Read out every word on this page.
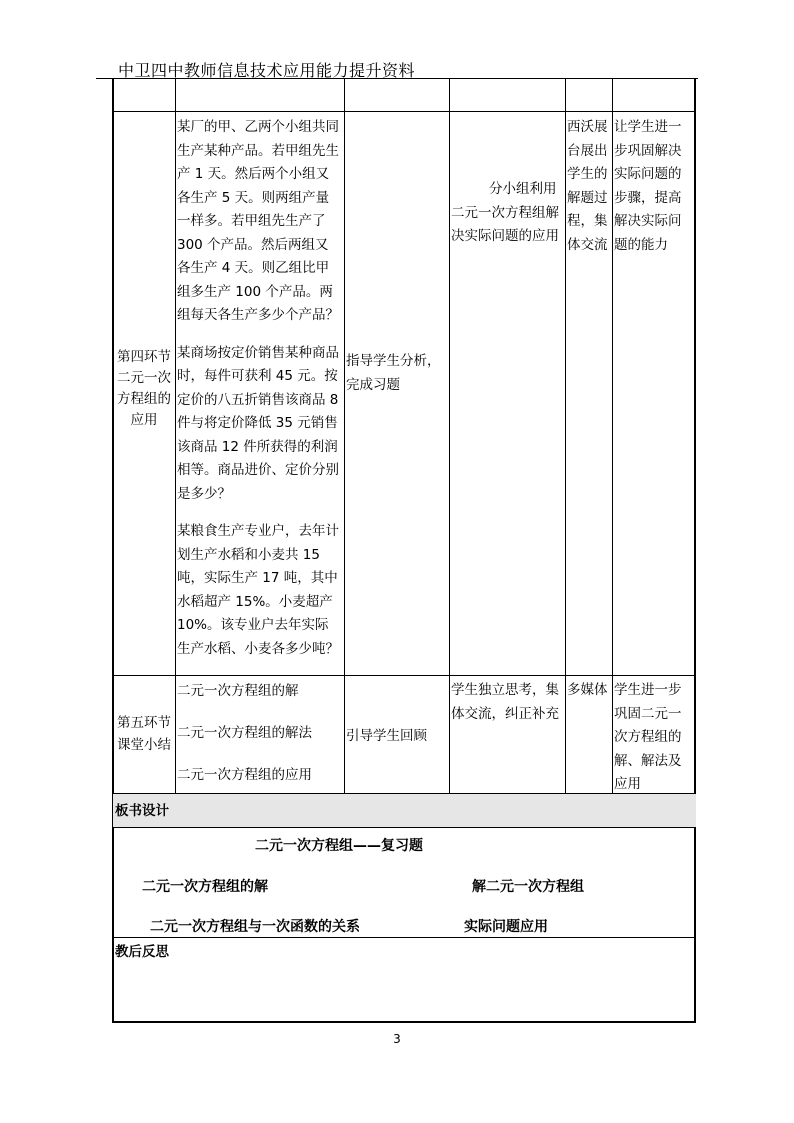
中卫四中教师信息技术应用能力提升资料

第四环节

二元一次

方程组的

应用

某厂的甲、乙两个小组共同生产某种产品。若甲组先生产 1 天。然后两个小组又各生产 5 天。则两组产量一样多。若甲组先生产了 300 个产品。然后两组又各生产 4 天。则乙组比甲组多生产 100 个产品。两组每天各生产多少个产品？

某商场按定价销售某种商品时，每件可获利 45 元。按定价的八五折销售该商品 8 件与将定价降低 35 元销售该商品 12 件所获得的利润相等。商品进价、定价分别是多少？

某粮食生产专业户，去年计划生产水稻和小麦共 15 吨，实际生产 17 吨，其中水稻超产 15%。小麦超产 10%。该专业户去年实际生产水稻、小麦各多少吨？

指导学生分析，完成习题
分小组利用二元一次方程组解决实际问题的应用
西沃展台展出学生的解题过程，集体交流
让学生进一步巩固解决实际问题的步骤，提高解决实际问题的能力

第五环节

课堂小结

二元一次方程组的解

二元一次方程组的解法

二元一次方程组的应用

引导学生回顾
学生独立思考，集体交流，纠正补充
多媒体 学生进一步巩固二元一次方程组的解、解法及应用
板书设计
二元一次方程组——复习题
二元一次方程组的解	解二元一次方程组
二元一次方程组与一次函数的关系	实际问题应用
教后反思
3
